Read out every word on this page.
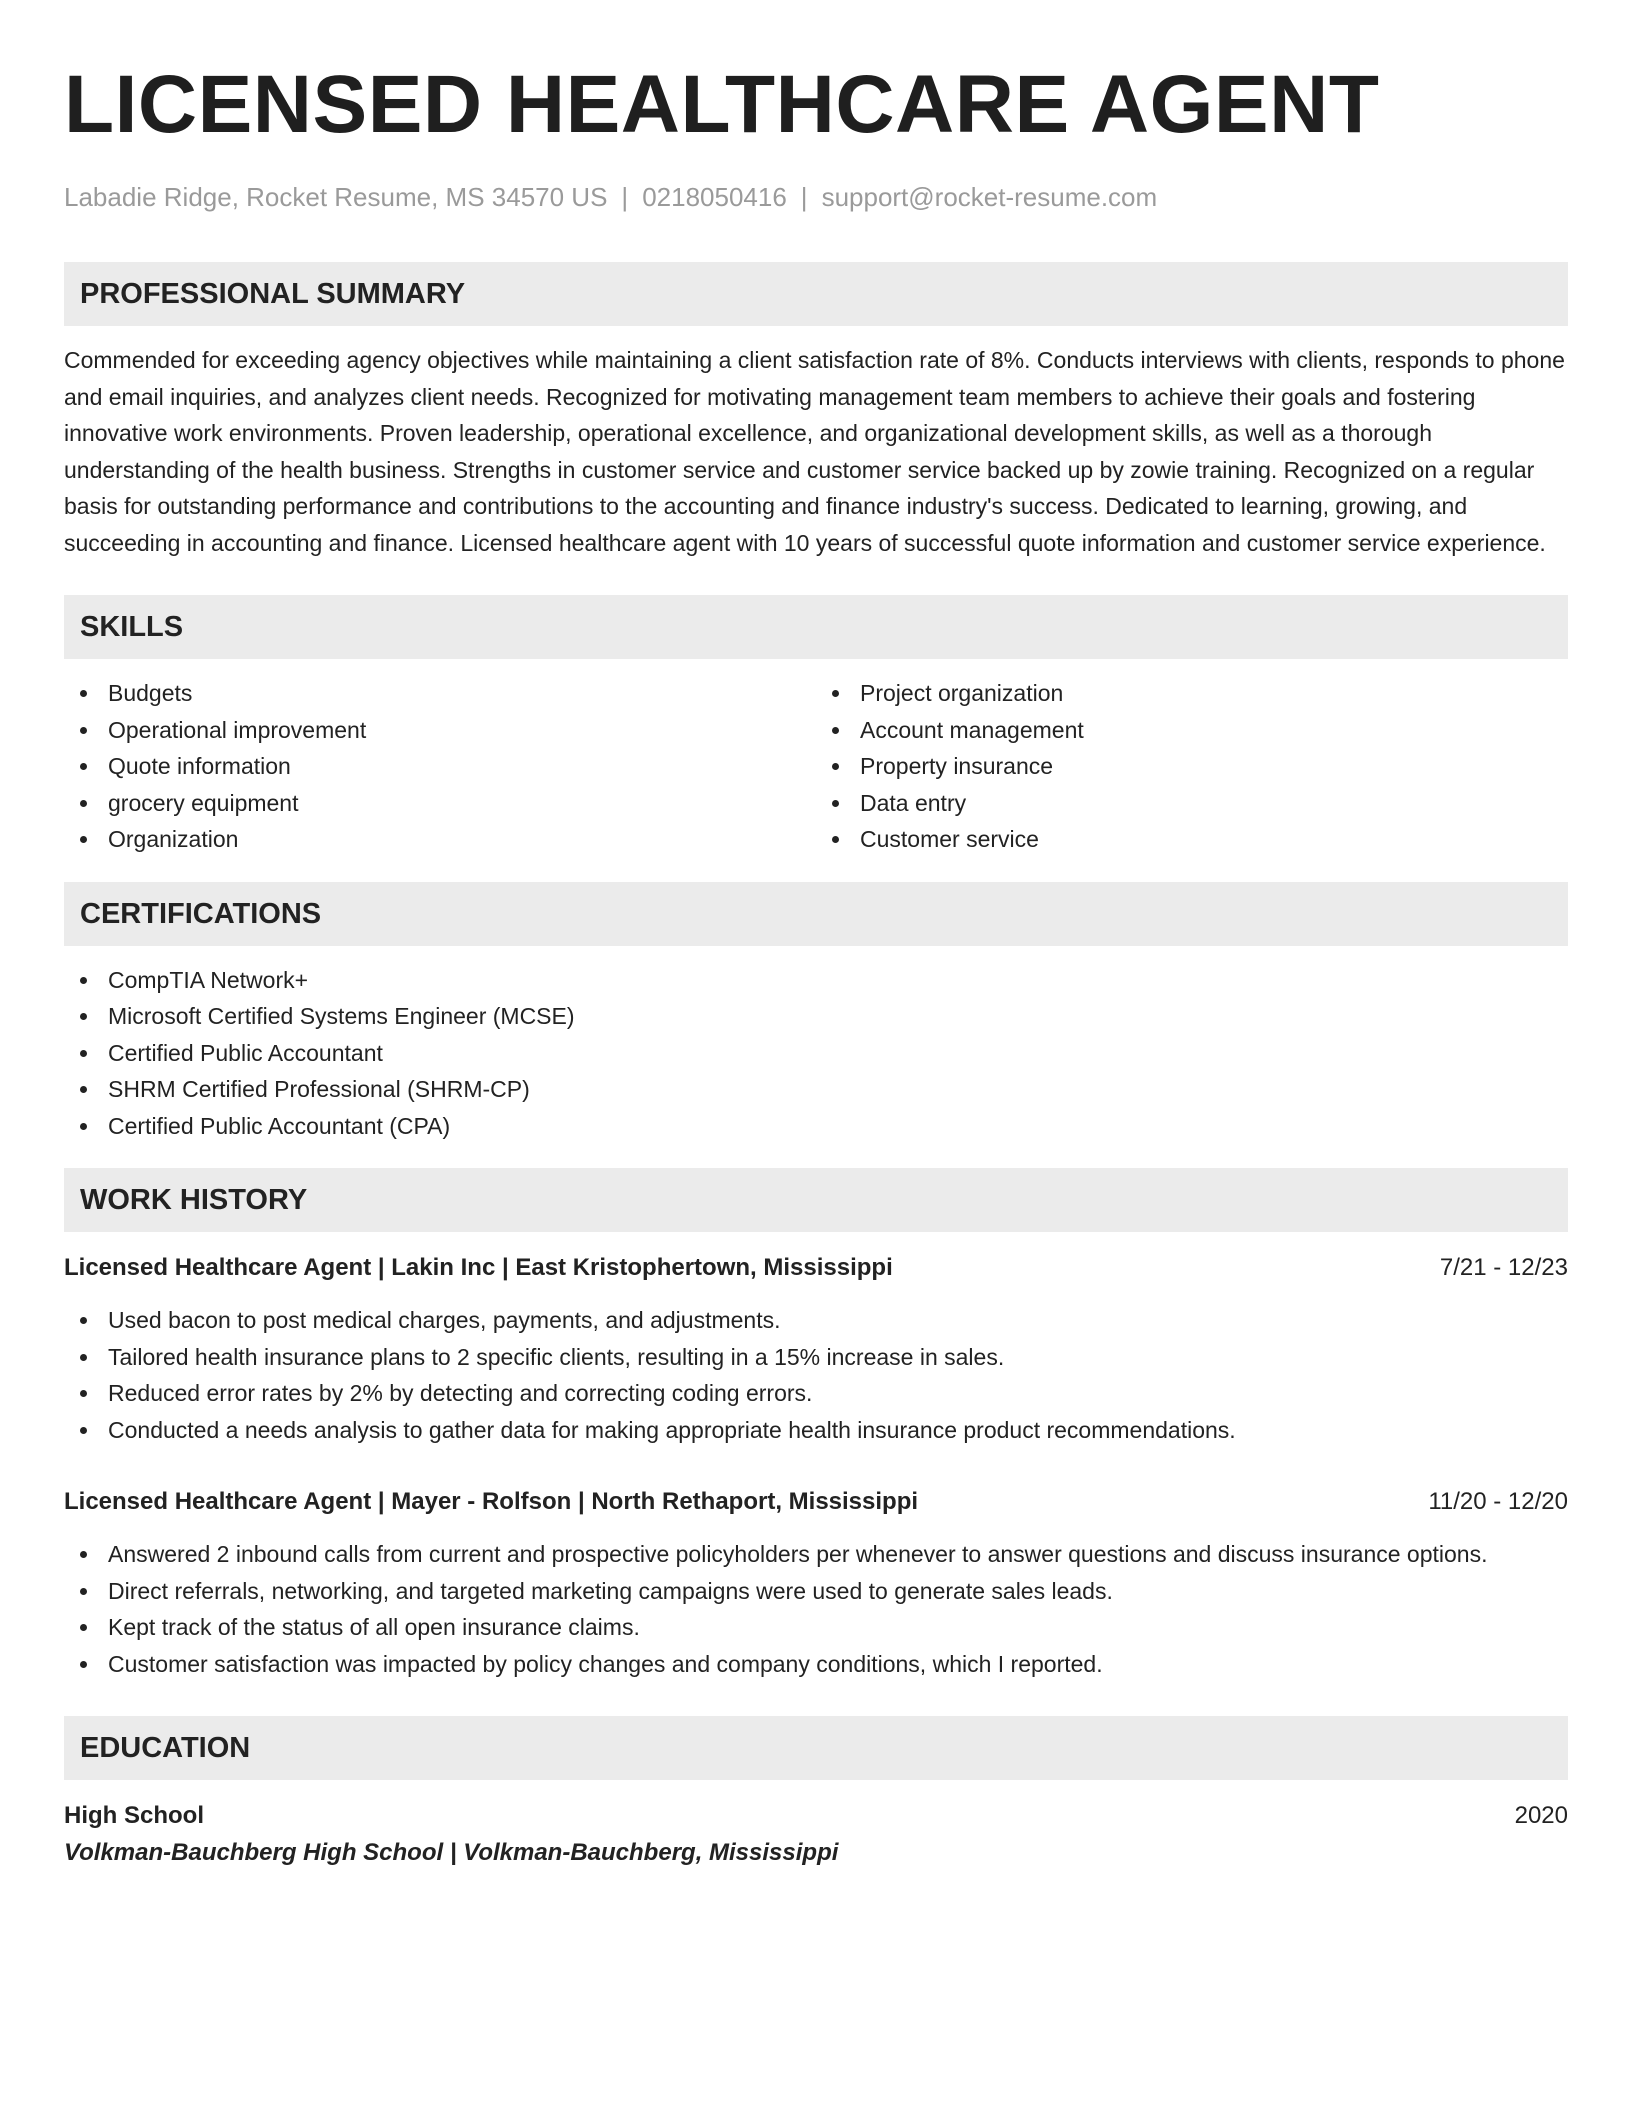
LICENSED HEALTHCARE AGENT
Labadie Ridge, Rocket Resume, MS 34570 US | 0218050416 | support@rocket-resume.com
PROFESSIONAL SUMMARY

Commended for exceeding agency objectives while maintaining a client satisfaction rate of 8%. Conducts interviews with clients, responds to phone and email inquiries, and analyzes client needs. Recognized for motivating management team members to achieve their goals and fostering innovative work environments. Proven leadership, operational excellence, and organizational development skills, as well as a thorough understanding of the health business. Strengths in customer service and customer service backed up by zowie training. Recognized on a regular basis for outstanding performance and contributions to the accounting and finance industry's success. Dedicated to learning, growing, and succeeding in accounting and finance. Licensed healthcare agent with 10 years of successful quote information and customer service experience.

SKILLS
Budgets
Operational improvement
Quote information
grocery equipment
Organization
Project organization
Account management
Property insurance
Data entry
Customer service
CERTIFICATIONS
CompTIA Network+
Microsoft Certified Systems Engineer (MCSE)
Certified Public Accountant
SHRM Certified Professional (SHRM-CP)
Certified Public Accountant (CPA)
WORK HISTORY
Licensed Healthcare Agent | Lakin Inc | East Kristophertown, Mississippi	7/21 - 12/23
Used bacon to post medical charges, payments, and adjustments.
Tailored health insurance plans to 2 specific clients, resulting in a 15% increase in sales.
Reduced error rates by 2% by detecting and correcting coding errors.
Conducted a needs analysis to gather data for making appropriate health insurance product recommendations.
Licensed Healthcare Agent | Mayer - Rolfson | North Rethaport, Mississippi	11/20 - 12/20
Answered 2 inbound calls from current and prospective policyholders per whenever to answer questions and discuss insurance options.
Direct referrals, networking, and targeted marketing campaigns were used to generate sales leads.
Kept track of the status of all open insurance claims.
Customer satisfaction was impacted by policy changes and company conditions, which I reported.
EDUCATION
High School	2020
Volkman-Bauchberg High School | Volkman-Bauchberg, Mississippi
